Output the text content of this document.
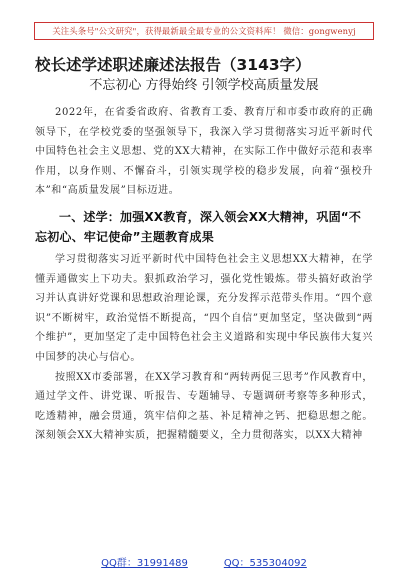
关注头条号"公文研究"，获得最新最全最专业的公文资料库！ 微信：gongwenyj
校长述学述职述廉述法报告（3143字）
不忘初心 方得始终 引领学校高质量发展

2022年，在省委省政府、省教育工委、教育厅和市委市政府的正确领导下，在学校党委的坚强领导下，我深入学习贯彻落实习近平新时代中国特色社会主义思想、党的XX大精神，在实际工作中做好示范和表率作用，以身作则、不懈奋斗，引领实现学校的稳步发展，向着“强校升本”和“高质量发展”目标迈进。

一、述学：加强XX教育，深入领会XX大精神，巩固“不忘初心、牢记使命”主题教育成果

学习贯彻落实习近平新时代中国特色社会主义思想XX大精神，在学懂弄通做实上下功夫。狠抓政治学习，强化党性锻炼。带头搞好政治学习并认真讲好党课和思想政治理论课，充分发挥示范带头作用。“四个意识”不断树牢，政治觉悟不断提高，“四个自信”更加坚定，坚决做到“两个维护”，更加坚定了走中国特色社会主义道路和实现中华民族伟大复兴中国梦的决心与信心。

按照XX市委部署，在XX学习教育和“两转两促三思考”作风教育中，通过学文件、讲党课、听报告、专题辅导、专题调研考察等多种形式，吃透精神，融会贯通，筑牢信仰之基、补足精神之钙、把稳思想之舵。深刻领会XX大精神实质，把握精髓要义，全力贯彻落实，以XX大精神

QQ群：31991489	QQ：535304092
